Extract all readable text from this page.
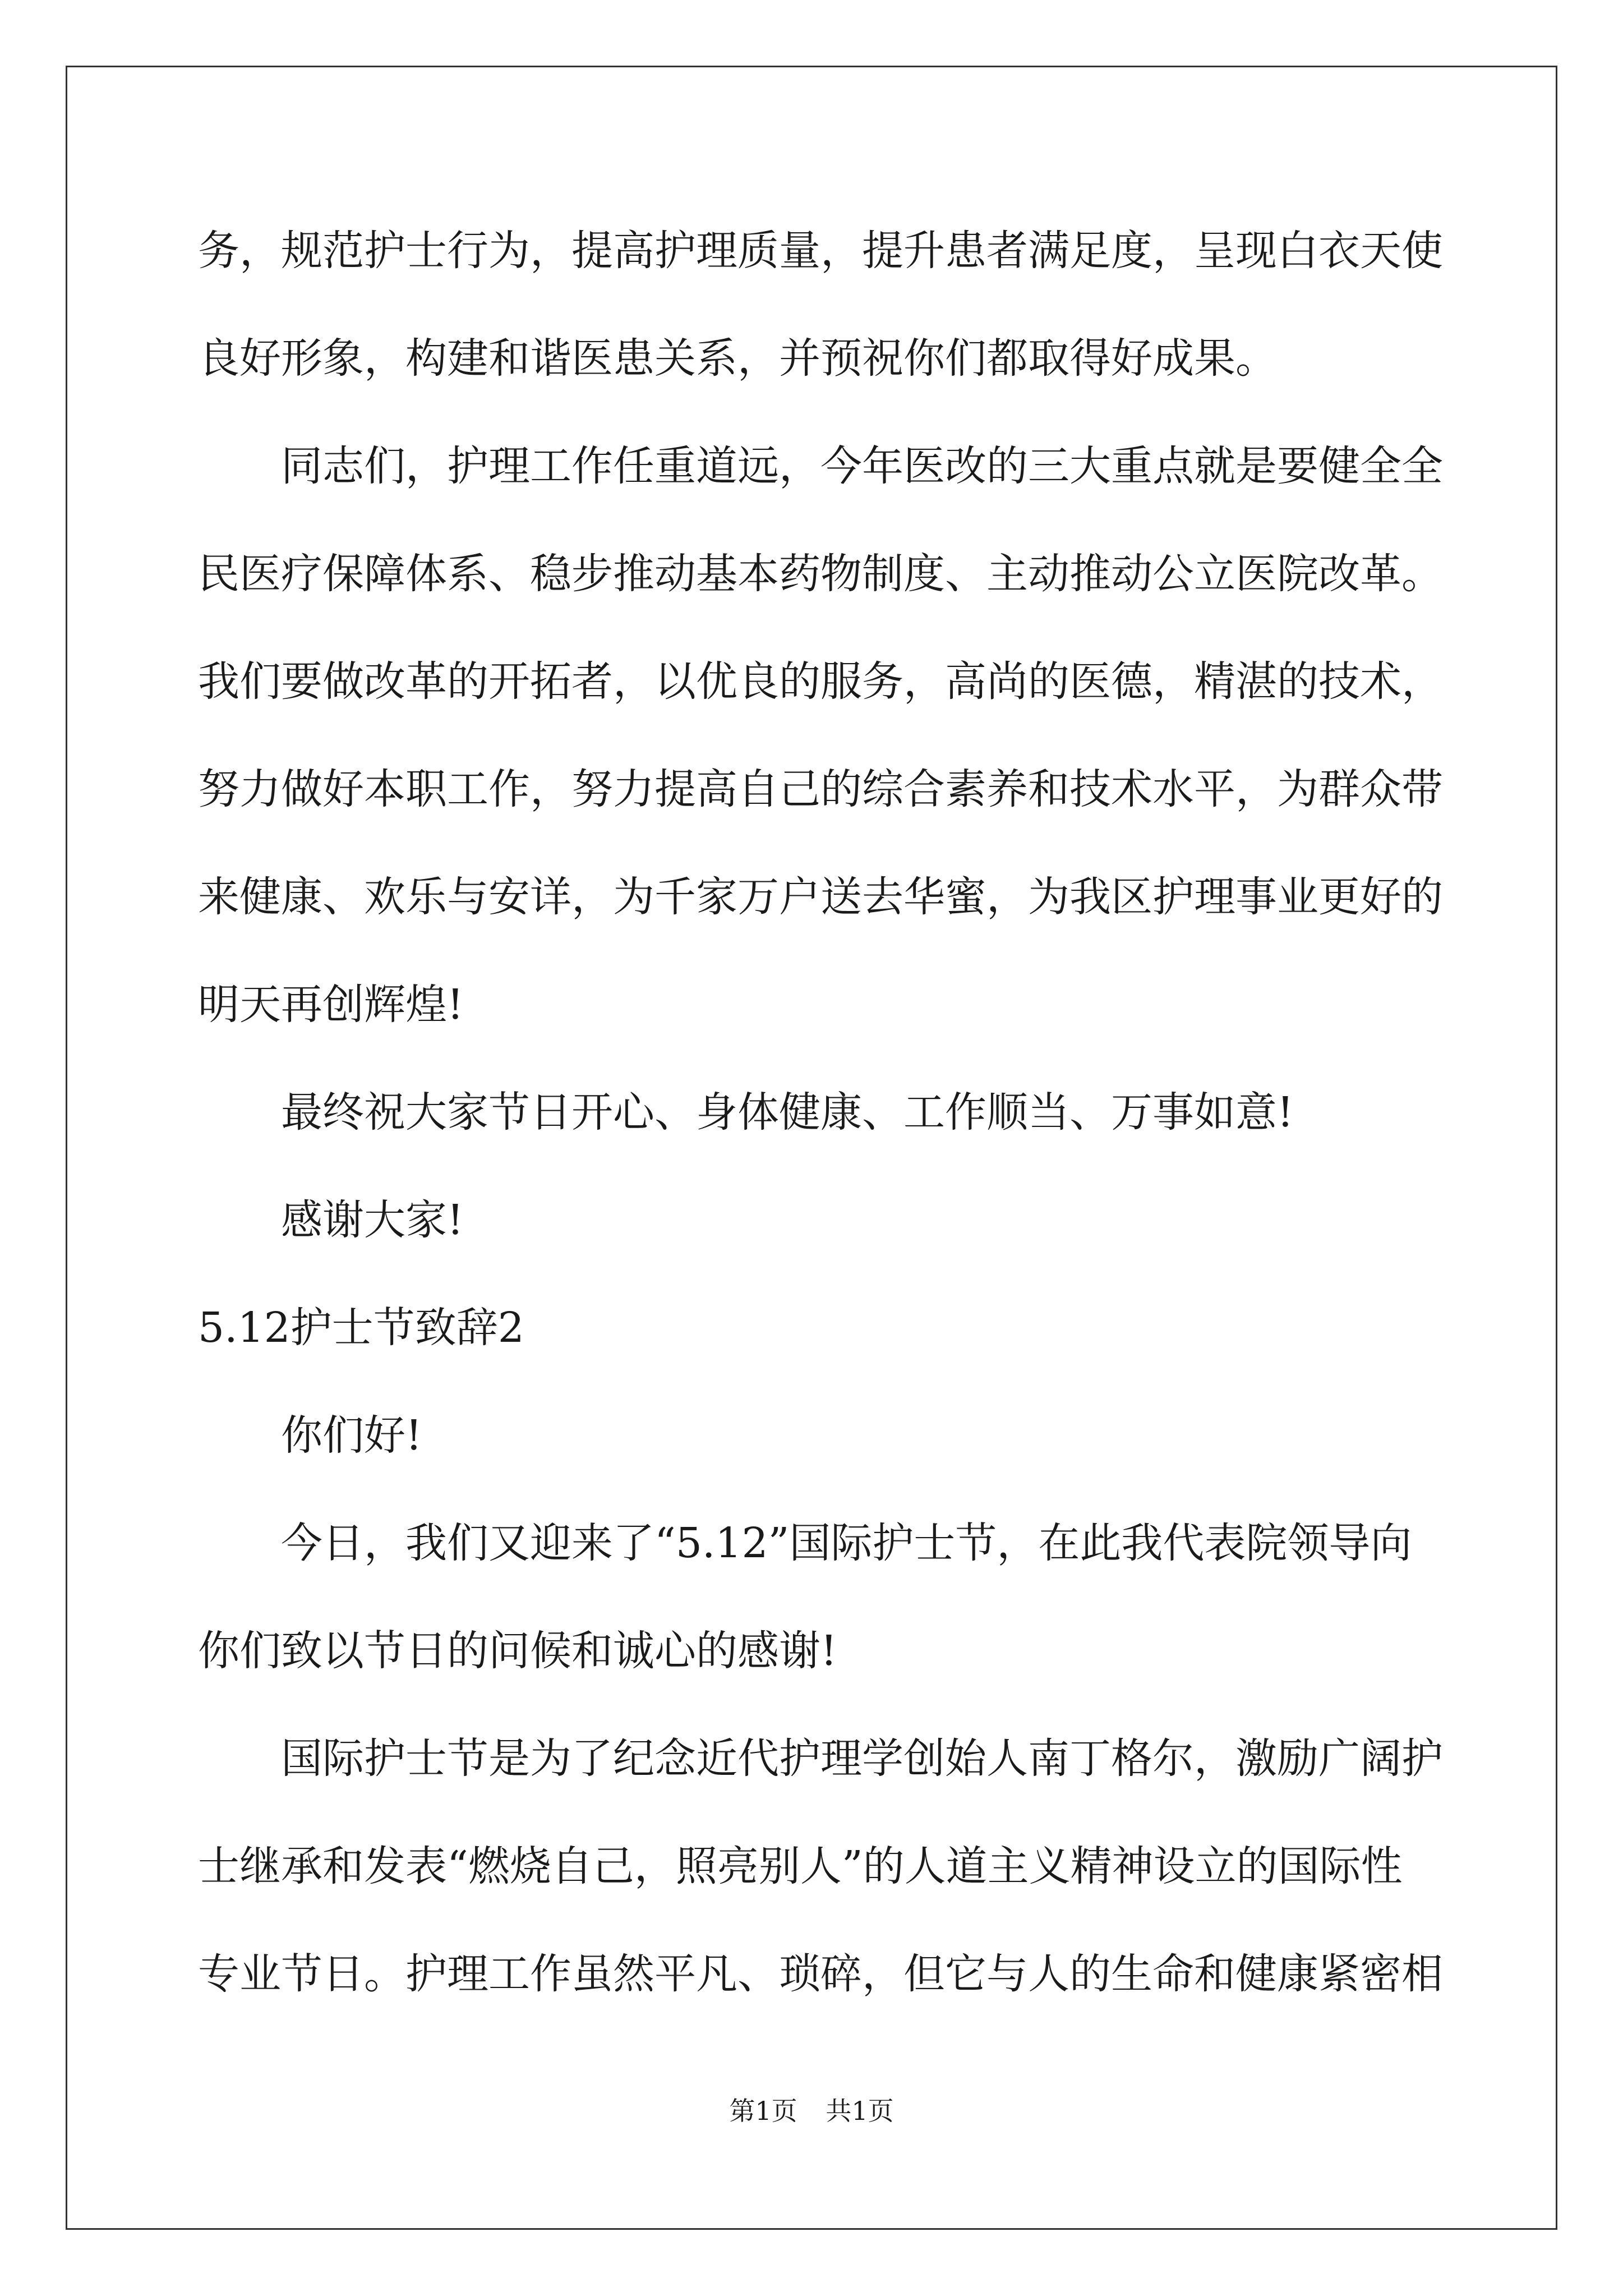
务，规范护士行为，提高护理质量，提升患者满足度，呈现白衣天使
良好形象，构建和谐医患关系，并预祝你们都取得好成果。
同志们，护理工作任重道远，今年医改的三大重点就是要健全全
民医疗保障体系、稳步推动基本药物制度、主动推动公立医院改革。
我们要做改革的开拓者，以优良的服务，高尚的医德，精湛的技术，
努力做好本职工作，努力提高自己的综合素养和技术水平，为群众带
来健康、欢乐与安详，为千家万户送去华蜜，为我区护理事业更好的
明天再创辉煌!
最终祝大家节日开心、身体健康、工作顺当、万事如意!
感谢大家!
5.12护士节致辞2
你们好!
今日，我们又迎来了“5.12”国际护士节，在此我代表院领导向
你们致以节日的问候和诚心的感谢!
国际护士节是为了纪念近代护理学创始人南丁格尔，激励广阔护
士继承和发表“燃烧自己，照亮别人”的人道主义精神设立的国际性
专业节日。护理工作虽然平凡、琐碎，但它与人的生命和健康紧密相
第1页 共1页
